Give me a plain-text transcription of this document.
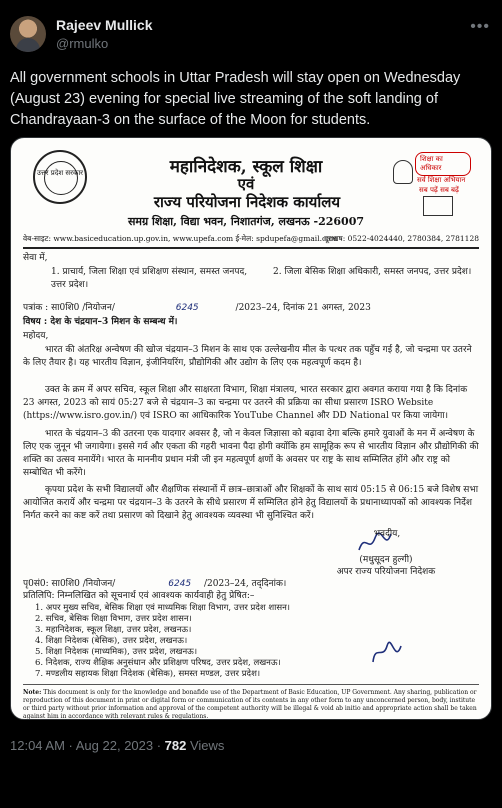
Rajeev Mullick
@rmulko
•••
All government schools in Uttar Pradesh will stay open on Wednesday (August 23) evening for special live streaming of the soft landing of Chandrayaan-3 on the surface of the Moon for students.
उत्तर प्रदेश सरकार	महानिदेशक, स्कूल शिक्षा
एवं
राज्य परियोजना निदेशक कार्यालय
समग्र शिक्षा, विद्या भवन, निशातगंज, लखनऊ -226007
शिक्षा का अधिकार
सर्व शिक्षा अभियान
सब पढ़ें सब बढ़ें
वेब-साइट: www.basiceducation.up.gov.in, www.upefa.com ई-मेल: spdupefa@gmail.com
दूरभाष: 0522-4024440, 2780384, 2781128
सेवा में,
1. प्राचार्य, जिला शिक्षा एवं प्रशिक्षण संस्थान, समस्त जनपद, उत्तर प्रदेश।
2. जिला बेसिक शिक्षा अधिकारी, समस्त जनपद, उत्तर प्रदेश।
पत्रांक : सा0शि0 /नियोजन/	6245	/2023–24, दिनांक 21 अगस्त, 2023
विषय : देश के चंद्रयान–3 मिशन के सम्बन्ध में।
महोदय,
भारत की अंतरिक्ष अन्वेषण की खोज चंद्रयान–3 मिशन के साथ एक उल्लेखनीय मील के पत्थर तक पहुँच गई है, जो चन्द्रमा पर उतरने के लिए तैयार है। यह भारतीय विज्ञान, इंजीनियरिंग, प्रौद्योगिकी और उद्योग के लिए एक महत्वपूर्ण कदम है।
उक्त के क्रम में अपर सचिव, स्कूल शिक्षा और साक्षरता विभाग, शिक्षा मंत्रालय, भारत सरकार द्वारा अवगत कराया गया है कि दिनांक 23 अगस्त, 2023 को सायं 05:27 बजे से चंद्रयान–3 का चन्द्रमा पर उतरने की प्रक्रिया का सीधा प्रसारण ISRO Website (https://www.isro.gov.in/) एवं ISRO का आधिकारिक YouTube Channel और DD National पर किया जायेगा।
भारत के चंद्रयान–3 की उतरना एक यादगार अवसर है, जो न केवल जिज्ञासा को बढ़ावा देगा बल्कि हमारे युवाओं के मन में अन्वेषण के लिए एक जुनून भी जगायेगा। इससे गर्व और एकता की गहरी भावना पैदा होगी क्योंकि हम सामूहिक रूप से भारतीय विज्ञान और प्रौद्योगिकी की शक्ति का उत्सव मनायेंगे। भारत के माननीय प्रधान मंत्री जी इन महत्वपूर्ण क्षणों के अवसर पर राष्ट्र के साथ सम्मिलित होंगे और राष्ट्र को सम्बोधित भी करेंगे।
कृपया प्रदेश के सभी विद्यालयों और शैक्षणिक संस्थानों में छात्र–छात्राओं और शिक्षकों के साथ सायं 05:15 से 06:15 बजे विशेष सभा आयोजित करायें और चन्द्रमा पर चंद्रयान–3 के उतरने के सीधे प्रसारण में सम्मिलित होने हेतु विद्यालयों के प्रधानाध्यापकों को आवश्यक निर्देश निर्गत करने का कष्ट करें तथा प्रसारण को दिखाने हेतु आवश्यक व्यवस्था भी सुनिश्चित करें।
भवदीय,
(मधुसूदन हुल्गी)
अपर राज्य परियोजना निदेशक
पृ0सं0: सा0शि0 /नियोजन/	6245 /2023–24, तद्‌दिनांक।
प्रतिलिपि: निम्नलिखित को सूचनार्थ एवं आवश्यक कार्यवाही हेतु प्रेषित:–
1. अपर मुख्य सचिव, बेसिक शिक्षा एवं माध्यमिक शिक्षा विभाग, उत्तर प्रदेश शासन।
2. सचिव, बेसिक शिक्षा विभाग, उत्तर प्रदेश शासन।
3. महानिदेशक, स्कूल शिक्षा, उत्तर प्रदेश, लखनऊ।
4. शिक्षा निदेशक (बेसिक), उत्तर प्रदेश, लखनऊ।
5. शिक्षा निदेशक (माध्यमिक), उत्तर प्रदेश, लखनऊ।
6. निदेशक, राज्य शैक्षिक अनुसंधान और प्रशिक्षण परिषद, उत्तर प्रदेश, लखनऊ।
7. मण्डलीय सहायक शिक्षा निदेशक (बेसिक), समस्त मण्डल, उत्तर प्रदेश।
Note: This document is only for the knowledge and bonafide use of the Department of Basic Education, UP Government. Any sharing, publication or reproduction of this document in print or digital form or communication of its contents in any other form to any unconcerned person, body, institute or third party without prior information and approval of the competent authority will be illegal & void ab initio and appropriate action shall be taken against him in accordance with relevant rules & regulations.
12:04 AM · Aug 22, 2023 · 782 Views
